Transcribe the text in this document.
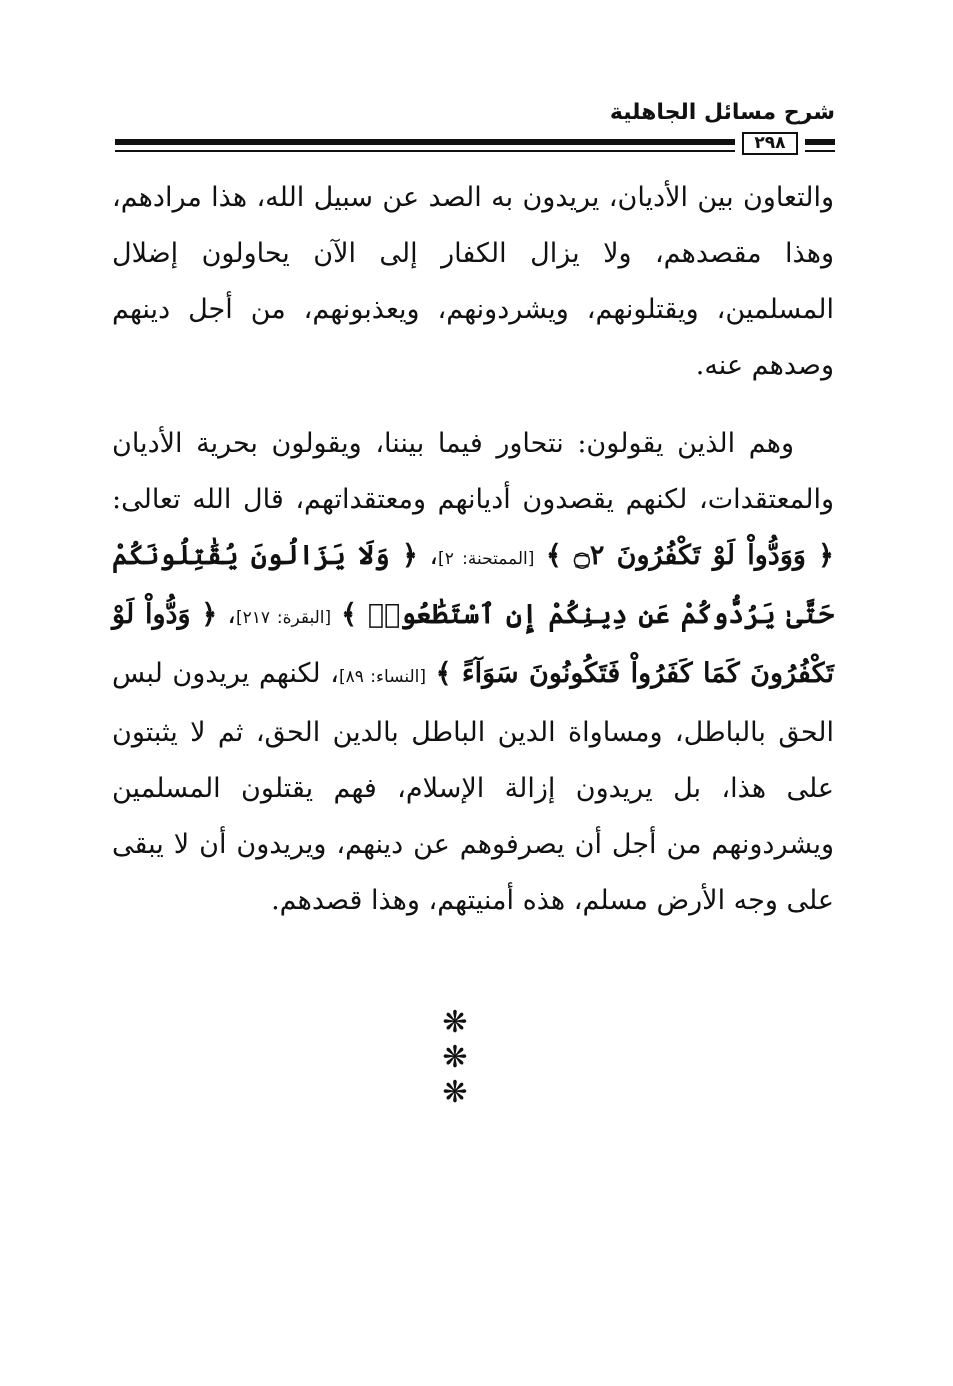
شرح مسائل الجاهلية
٢٩٨

والتعاون بين الأديان، يريدون به الصد عن سبيل الله، هذا مرادهم، وهذا مقصدهم، ولا يزال الكفار إلى الآن يحاولون إضلال المسلمين، ويقتلونهم، ويشردونهم، ويعذبونهم، من أجل دينهم وصدهم عنه.

وهم الذين يقولون: نتحاور فيما بيننا، ويقولون بحرية الأديان والمعتقدات، لكنهم يقصدون أديانهم ومعتقداتهم، قال الله تعالى: ﴿ وَوَدُّواْ لَوْ تَكْفُرُونَ ۝٢ ﴾ [الممتحنة: ٢]، ﴿ وَلَا يَزَالُونَ يُقَٰتِلُونَكُمْ حَتَّىٰ يَرُدُّوكُمْ عَن دِينِكُمْ إِنِ ٱسْتَطَٰعُوا۟ ﴾ [البقرة: ٢١٧]، ﴿ وَدُّواْ لَوْ تَكْفُرُونَ كَمَا كَفَرُواْ فَتَكُونُونَ سَوَآءً ﴾ [النساء: ٨٩]، لكنهم يريدون لبس الحق بالباطل، ومساواة الدين الباطل بالدين الحق، ثم لا يثبتون على هذا، بل يريدون إزالة الإسلام، فهم يقتلون المسلمين ويشردونهم من أجل أن يصرفوهم عن دينهم، ويريدون أن لا يبقى على وجه الأرض مسلم، هذه أمنيتهم، وهذا قصدهم.

❋ ❋ ❋
